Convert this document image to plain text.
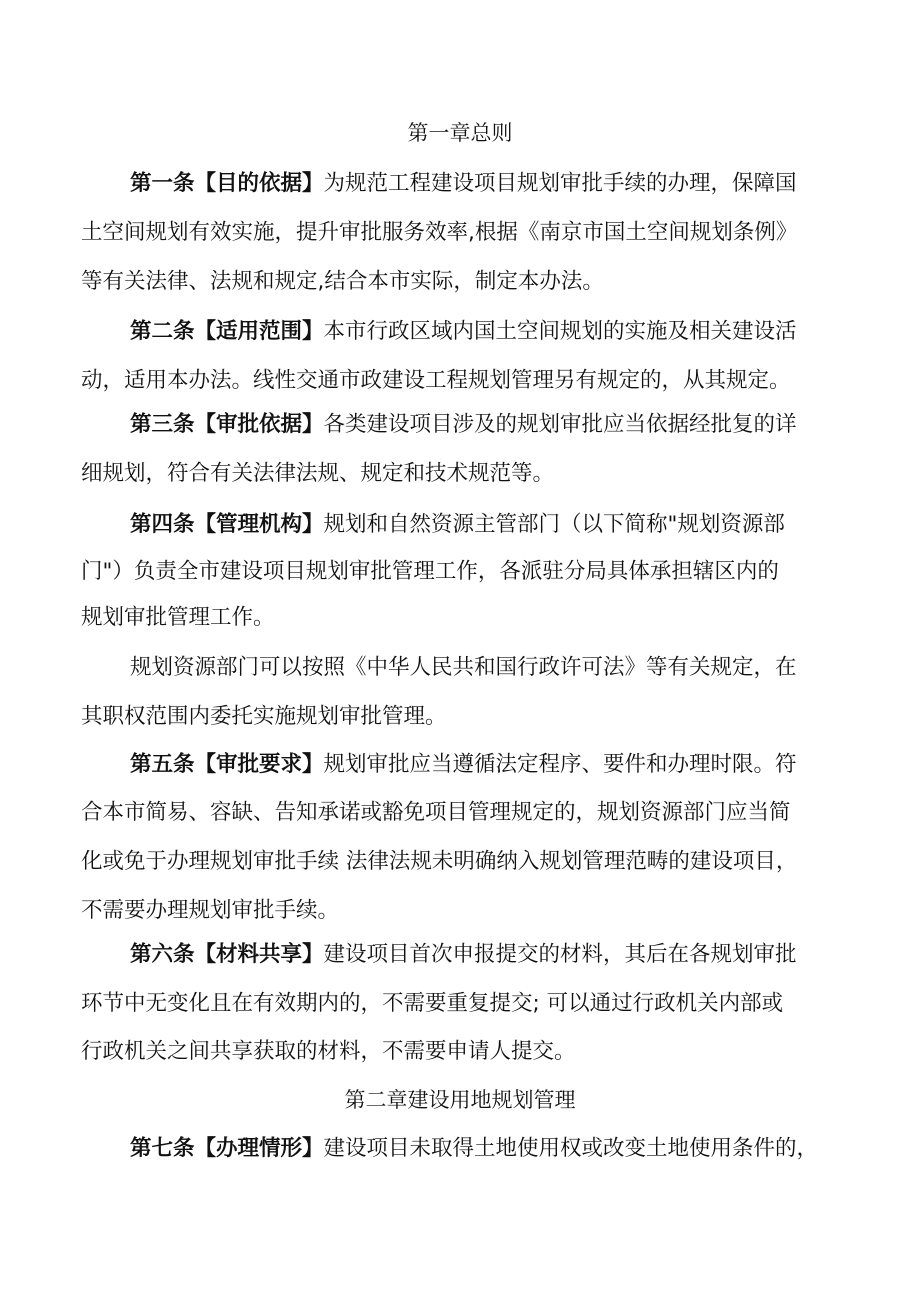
第一章总则
第一条【目的依据】为规范工程建设项目规划审批手续的办理，保障国
土空间规划有效实施，提升审批服务效率,根据《南京市国土空间规划条例》
等有关法律、法规和规定,结合本市实际，制定本办法。
第二条【适用范围】本市行政区域内国土空间规划的实施及相关建设活
动，适用本办法。线性交通市政建设工程规划管理另有规定的，从其规定。
第三条【审批依据】各类建设项目涉及的规划审批应当依据经批复的详
细规划，符合有关法律法规、规定和技术规范等。
第四条【管理机构】规划和自然资源主管部门（以下简称"规划资源部
门"）负责全市建设项目规划审批管理工作，各派驻分局具体承担辖区内的
规划审批管理工作。
规划资源部门可以按照《中华人民共和国行政许可法》等有关规定，在
其职权范围内委托实施规划审批管理。
第五条【审批要求】规划审批应当遵循法定程序、要件和办理时限。符
合本市简易、容缺、告知承诺或豁免项目管理规定的，规划资源部门应当简
化或免于办理规划审批手续 法律法规未明确纳入规划管理范畴的建设项目，
不需要办理规划审批手续。
第六条【材料共享】建设项目首次申报提交的材料，其后在各规划审批
环节中无变化且在有效期内的，不需要重复提交; 可以通过行政机关内部或
行政机关之间共享获取的材料，不需要申请人提交。
第二章建设用地规划管理
第七条【办理情形】建设项目未取得土地使用权或改变土地使用条件的，
